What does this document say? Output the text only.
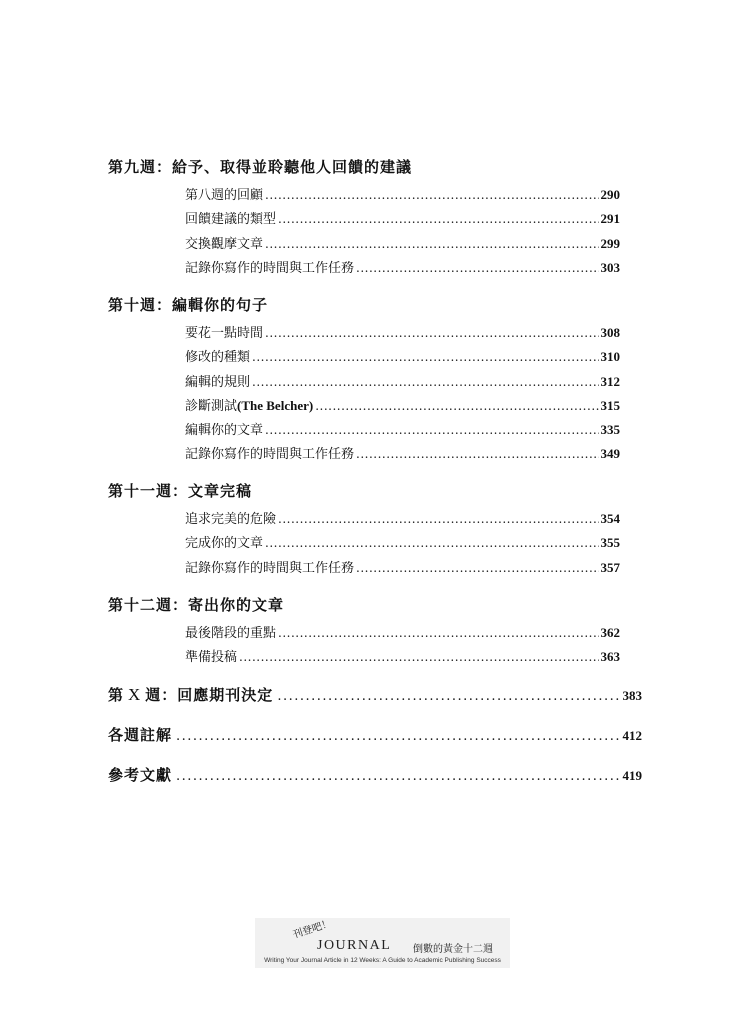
第九週：給予、取得並聆聽他人回饋的建議
第八週的回顧 .....	290
回饋建議的類型 .....	291
交換觀摩文章 .....	299
記錄你寫作的時間與工作任務 .....	303
第十週：編輯你的句子
要花一點時間 .....	308
修改的種類 .....	310
編輯的規則 .....	312
診斷測試(The Belcher) .....	315
編輯你的文章 .....	335
記錄你寫作的時間與工作任務 .....	349
第十一週：文章完稿
追求完美的危險 .....	354
完成你的文章 .....	355
記錄你寫作的時間與工作任務 .....	357
第十二週：寄出你的文章
最後階段的重點 .....	362
準備投稿 .....	363
第 X 週：回應期刊決定 .....	383
各週註解 .....	412
參考文獻 .....	419
刊登吧！
JOURNAL 倒數的黃金十二週
Writing Your Journal Article in 12 Weeks: A Guide to Academic Publishing Success
